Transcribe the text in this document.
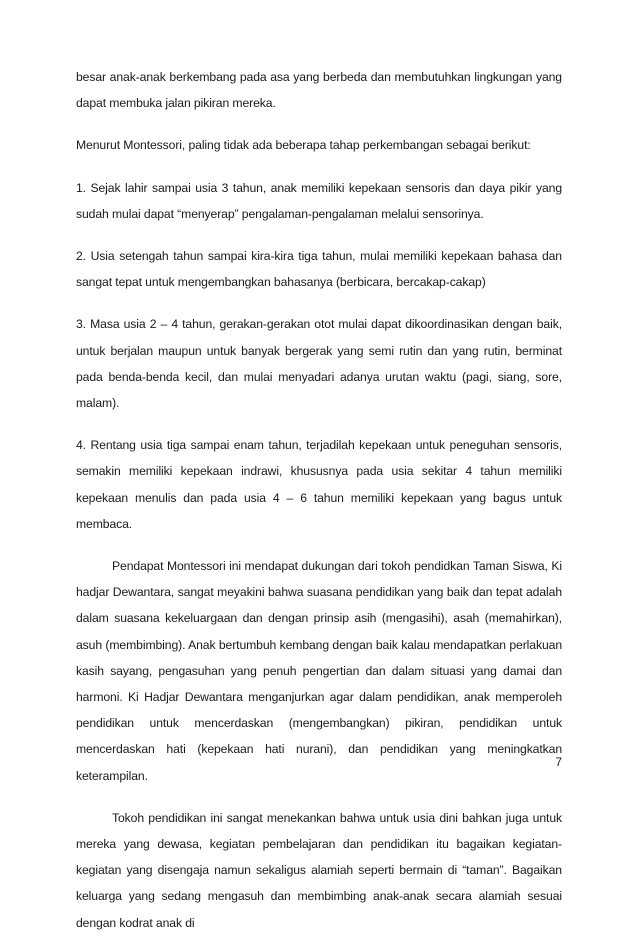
besar anak-anak berkembang pada asa yang berbeda dan membutuhkan lingkungan yang dapat membuka jalan pikiran mereka.

Menurut Montessori, paling tidak ada beberapa tahap perkembangan sebagai berikut:

1. Sejak lahir sampai usia 3 tahun, anak memiliki kepekaan sensoris dan daya pikir yang sudah mulai dapat “menyerap” pengalaman-pengalaman melalui sensorinya.

2. Usia setengah tahun sampai kira-kira tiga tahun, mulai memiliki kepekaan bahasa dan sangat tepat untuk mengembangkan bahasanya (berbicara, bercakap-cakap)

3. Masa usia 2 – 4 tahun, gerakan-gerakan otot mulai dapat dikoordinasikan dengan baik, untuk berjalan maupun untuk banyak bergerak yang semi rutin dan yang rutin, berminat pada benda-benda kecil, dan mulai menyadari adanya urutan waktu (pagi, siang, sore, malam).

4. Rentang usia tiga sampai enam tahun, terjadilah kepekaan untuk peneguhan sensoris, semakin memiliki kepekaan indrawi, khususnya pada usia sekitar 4 tahun memiliki kepekaan menulis dan pada usia 4 – 6 tahun memiliki kepekaan yang bagus untuk membaca.

Pendapat Montessori ini mendapat dukungan dari tokoh pendidkan Taman Siswa, Ki hadjar Dewantara, sangat meyakini bahwa suasana pendidikan yang baik dan tepat adalah dalam suasana kekeluargaan dan dengan prinsip asih (mengasihi), asah (memahirkan), asuh (membimbing). Anak bertumbuh kembang dengan baik kalau mendapatkan perlakuan kasih sayang, pengasuhan yang penuh pengertian dan dalam situasi yang damai dan harmoni. Ki Hadjar Dewantara menganjurkan agar dalam pendidikan, anak memperoleh pendidikan untuk mencerdaskan (mengembangkan) pikiran, pendidikan untuk mencerdaskan hati (kepekaan hati nurani), dan pendidikan yang meningkatkan keterampilan.

Tokoh pendidikan ini sangat menekankan bahwa untuk usia dini bahkan juga untuk mereka yang dewasa, kegiatan pembelajaran dan pendidikan itu bagaikan kegiatan-kegiatan yang disengaja namun sekaligus alamiah seperti bermain di “taman”. Bagaikan keluarga yang sedang mengasuh dan membimbing anak-anak secara alamiah sesuai dengan kodrat anak di

7
